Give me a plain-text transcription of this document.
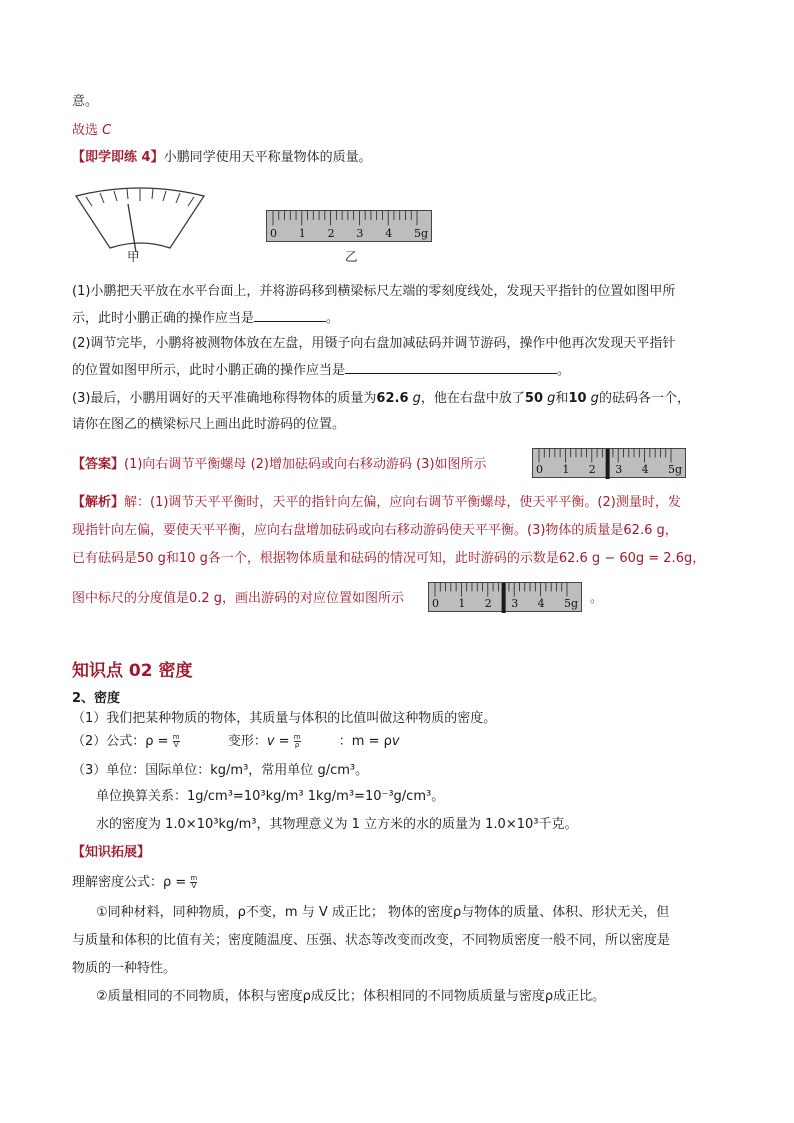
意。
故选 C
【即学即练 4】小鹏同学使用天平称量物体的质量。
甲
0 1 2 3 4 5g
乙
(1)小鹏把天平放在水平台面上，并将游码移到横梁标尺左端的零刻度线处，发现天平指针的位置如图甲所
示，此时小鹏正确的操作应当是	。
(2)调节完毕，小鹏将被测物体放在左盘，用镊子向右盘加减砝码并调节游码，操作中他再次发现天平指针
的位置如图甲所示，此时小鹏正确的操作应当是	。
(3)最后，小鹏用调好的天平准确地称得物体的质量为62.6 g，他在右盘中放了50 g和10 g的砝码各一个，
请你在图乙的横梁标尺上画出此时游码的位置。
【答案】(1)向右调节平衡螺母 (2)增加砝码或向右移动游码 (3)如图所示	0 1 2 3 4 5g
【解析】解：(1)调节天平平衡时，天平的指针向左偏，应向右调节平衡螺母，使天平平衡。(2)测量时，发
现指针向左偏，要使天平平衡，应向右盘增加砝码或向右移动游码使天平平衡。(3)物体的质量是62.6 g，
已有砝码是50 g和10 g各一个，根据物体质量和砝码的情况可知，此时游码的示数是62.6 g − 60g = 2.6g，
图中标尺的分度值是0.2 g，画出游码的对应位置如图所示	0 1 2 3 4 5g 。
知识点 02 密度
2、密度
（1）我们把某种物质的物体，其质量与体积的比值叫做这种物质的密度。
（2）公式：$\rho = \frac{m}{V}$	变形：$v = \frac{m}{\rho}$	：m = ρv
（3）单位：国际单位：kg/m³，常用单位 g/cm³。
单位换算关系：1g/cm³=10³kg/m³ 1kg/m³=10⁻³g/cm³。
水的密度为 1.0×10³kg/m³，其物理意义为 1 立方米的水的质量为 1.0×10³千克。
【知识拓展】
理解密度公式：$\rho = \frac{m}{V}$
①同种材料，同种物质，ρ不变，m 与 V 成正比； 物体的密度ρ与物体的质量、体积、形状无关，但
与质量和体积的比值有关；密度随温度、压强、状态等改变而改变，不同物质密度一般不同，所以密度是
物质的一种特性。
②质量相同的不同物质，体积与密度ρ成反比；体积相同的不同物质质量与密度ρ成正比。
